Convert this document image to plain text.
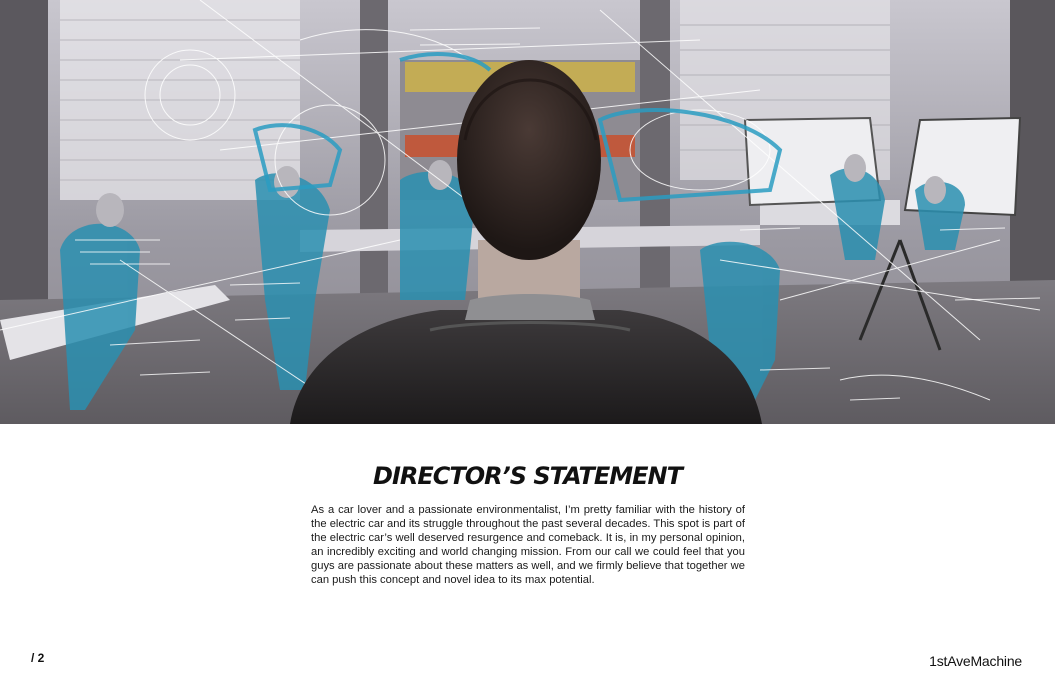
DIRECTOR’S STATEMENT

As a car lover and a passionate environmentalist, I’m pretty familiar with the history of the electric car and its struggle throughout the past several decades. This spot is part of the electric car’s well deserved resurgence and comeback. It is, in my personal opinion, an incredibly exciting and world changing mission. From our call we could feel that you guys are passionate about these matters as well, and we firmly believe that together we can push this concept and novel idea to its max potential.

/ 2	1stAveMachine
